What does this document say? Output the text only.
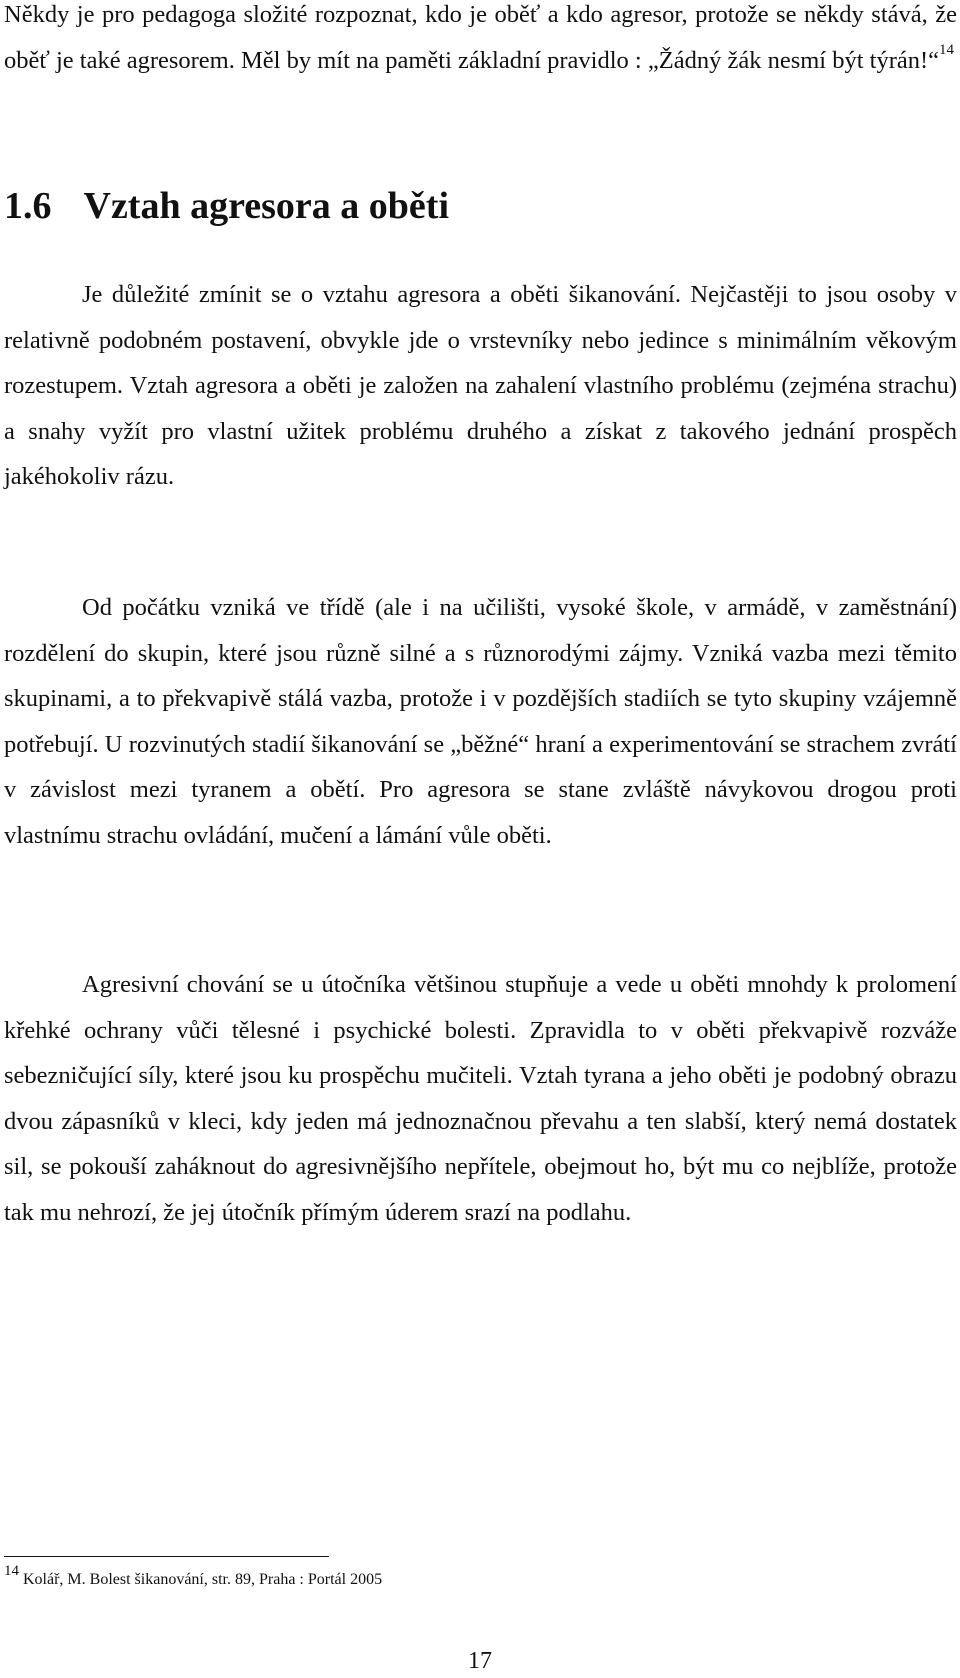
Někdy je pro pedagoga složité rozpoznat, kdo je oběť a kdo agresor, protože se někdy stává, že oběť je také agresorem. Měl by mít na paměti základní pravidlo : „Žádný žák nesmí být týrán!“$^{14}$

1.6 Vztah agresora a oběti

Je důležité zmínit se o vztahu agresora a oběti šikanování. Nejčastěji to jsou osoby v relativně podobném postavení, obvykle jde o vrstevníky nebo jedince s minimálním věkovým rozestupem. Vztah agresora a oběti je založen na zahalení vlastního problému (zejména strachu) a snahy vyžít pro vlastní užitek problému druhého a získat z takového jednání prospěch jakéhokoliv rázu.

Od počátku vzniká ve třídě (ale i na učilišti, vysoké škole, v armádě, v zaměstnání) rozdělení do skupin, které jsou různě silné a s různorodými zájmy. Vzniká vazba mezi těmito skupinami, a to překvapivě stálá vazba, protože i v pozdějších stadiích se tyto skupiny vzájemně potřebují. U rozvinutých stadií šikanování se „běžné“ hraní a experimentování se strachem zvrátí v závislost mezi tyranem a obětí. Pro agresora se stane zvláště návykovou drogou proti vlastnímu strachu ovládání, mučení a lámání vůle oběti.

Agresivní chování se u útočníka většinou stupňuje a vede u oběti mnohdy k prolomení křehké ochrany vůči tělesné i psychické bolesti. Zpravidla to v oběti překvapivě rozváže sebezničující síly, které jsou ku prospěchu mučiteli. Vztah tyrana a jeho oběti je podobný obrazu dvou zápasníků v kleci, kdy jeden má jednoznačnou převahu a ten slabší, který nemá dostatek sil, se pokouší zaháknout do agresivnějšího nepřítele, obejmout ho, být mu co nejblíže, protože tak mu nehrozí, že jej útočník přímým úderem srazí na podlahu.

14 Kolář, M. Bolest šikanování, str. 89, Praha : Portál 2005
17
